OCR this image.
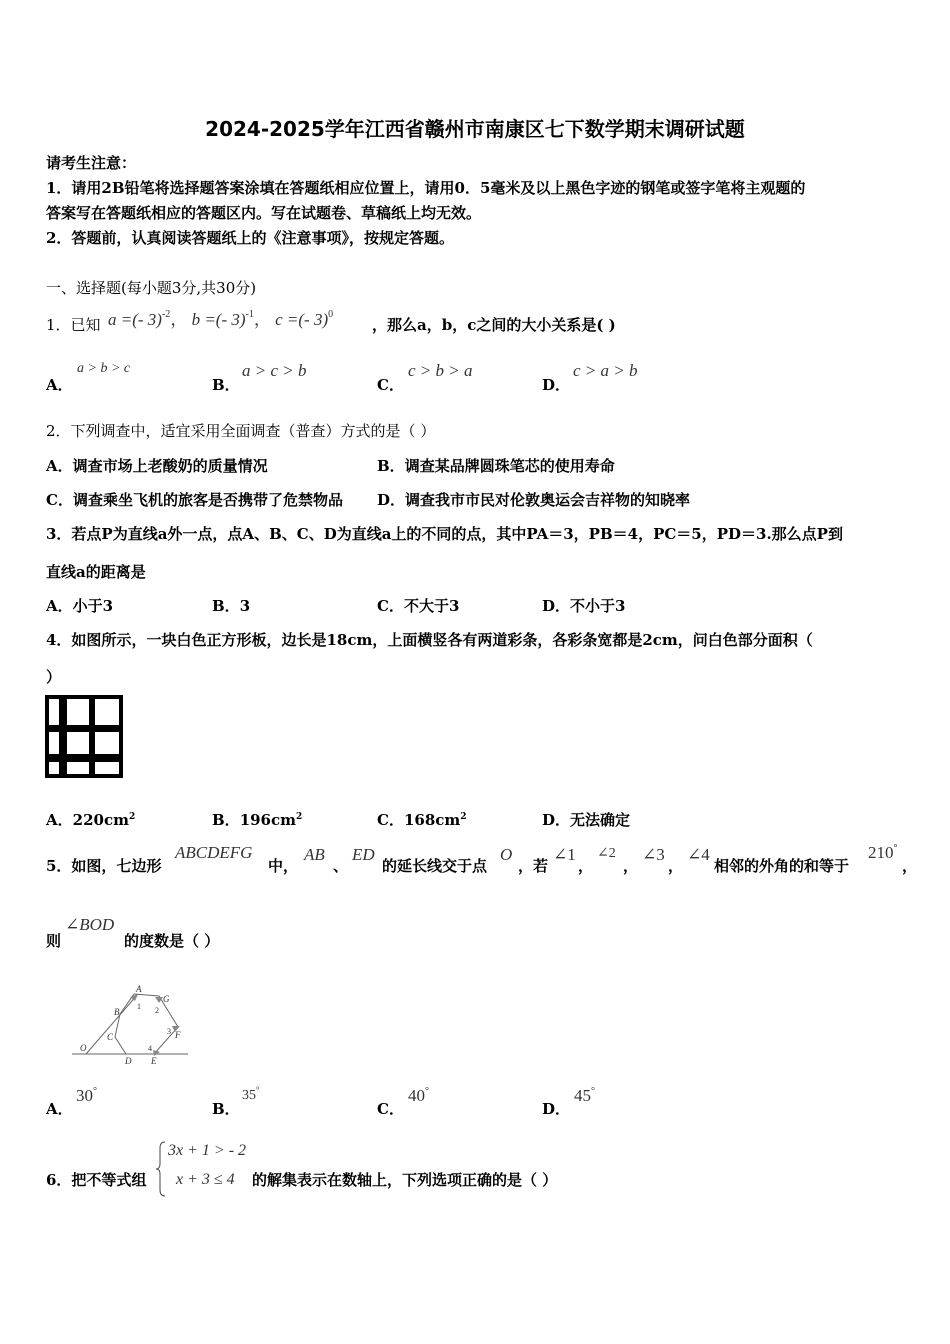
2024-2025学年江西省赣州市南康区七下数学期末调研试题
请考生注意：
1．请用2B铅笔将选择题答案涂填在答题纸相应位置上，请用0．5毫米及以上黑色字迹的钢笔或签字笔将主观题的
答案写在答题纸相应的答题区内。写在试题卷、草稿纸上均无效。
2．答题前，认真阅读答题纸上的《注意事项》，按规定答题。
一、选择题(每小题3分,共30分)
1．已知 a =(- 3)$^{-2}$， b =(- 3)$^{-1}$， c =(- 3)$^0$
，那么a，b，c之间的大小关系是( )
A．
a > b > c
B．
a > c > b
C．
c > b > a
D．
c > a > b
2．下列调查中，适宜采用全面调查（普查）方式的是（ ）
A．调查市场上老酸奶的质量情况	B．调查某品牌圆珠笔芯的使用寿命
C．调查乘坐飞机的旅客是否携带了危禁物品 D．调查我市市民对伦敦奥运会吉祥物的知晓率
3．若点P为直线a外一点，点A、B、C、D为直线a上的不同的点，其中PA＝3，PB＝4，PC＝5，PD＝3.那么点P到
直线a的距离是
A．小于3	B．3	C．不大于3	D．不小于3
4．如图所示，一块白色正方形板，边长是18cm，上面横竖各有两道彩条，各彩条宽都是2cm，问白色部分面积（
）
A．$220cm^2$	B．$196cm^2$	C．$168cm^2$	D．无法确定
5．如图，七边形
ABCDEFG
中，
AB
、
ED
的延长线交于点
O
，若
∠1
，
∠2
，
∠3
，
∠4
相邻的外角的和等于
210°
，
则
∠BOD
的度数是（ ）
A
G
B
C	F
O
D E
1 2
3
4
A．
30°
B．
35°
C．
40°
D．
45°
6．把不等式组
3x + 1 > - 2
x + 3 ≤ 4 的解集表示在数轴上，下列选项正确的是（ ）
